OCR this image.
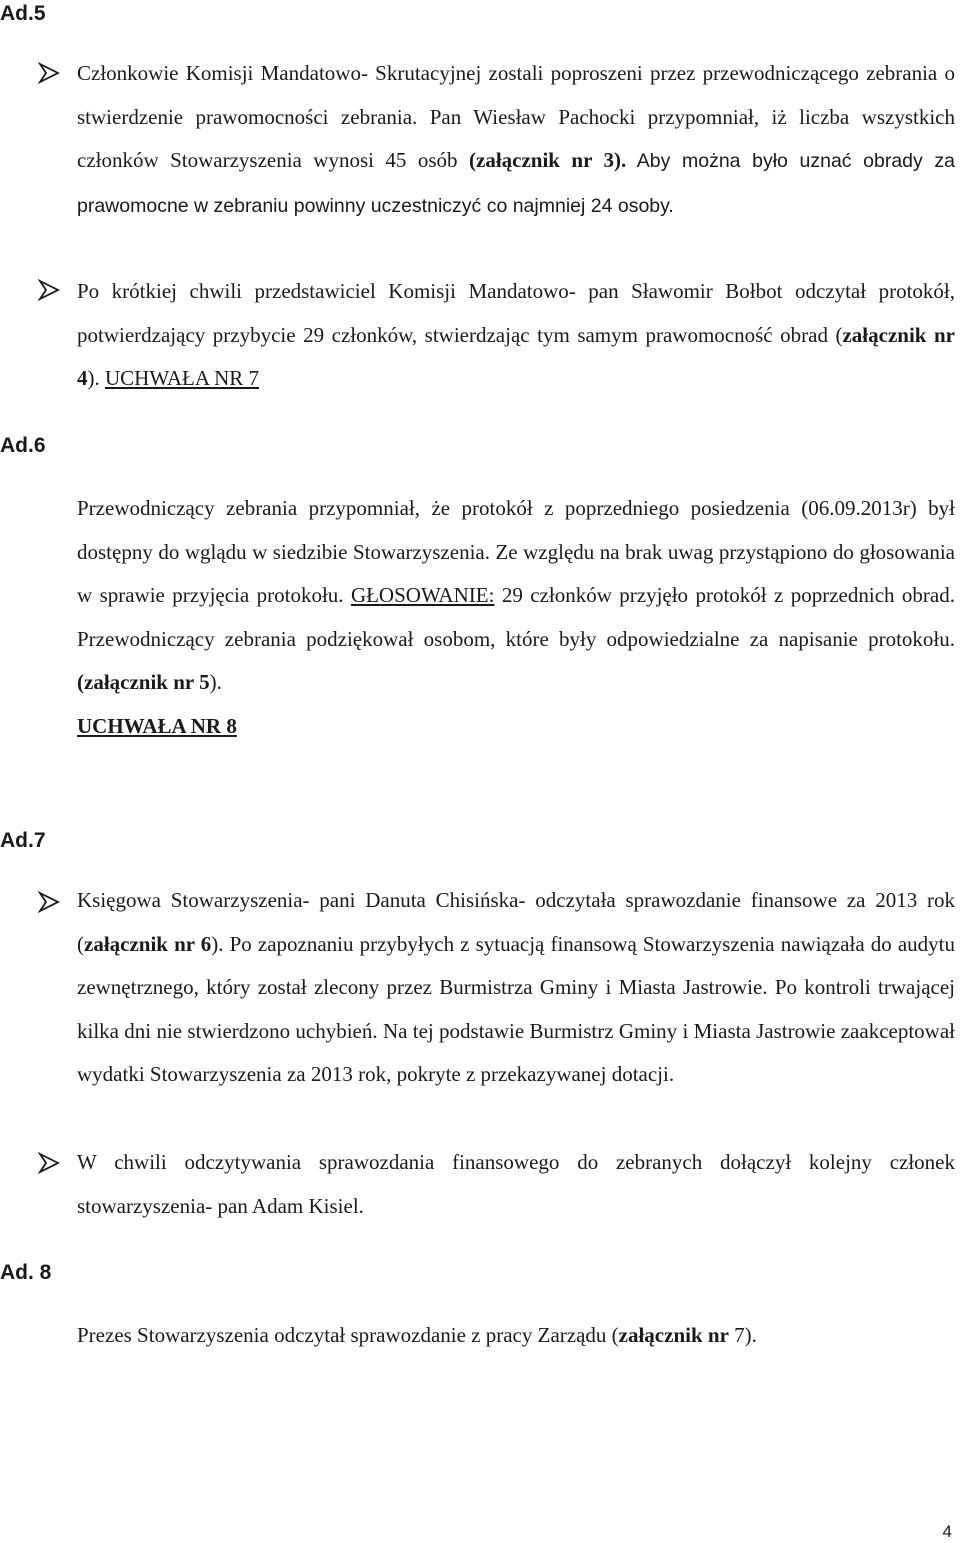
Ad.5

Członkowie Komisji Mandatowo- Skrutacyjnej zostali poproszeni przez przewodniczącego zebrania o stwierdzenie prawomocności zebrania. Pan Wiesław Pachocki przypomniał, iż liczba wszystkich członków Stowarzyszenia wynosi 45 osób (załącznik nr 3). Aby można było uznać obrady za prawomocne w zebraniu powinny uczestniczyć co najmniej 24 osoby.

Po krótkiej chwili przedstawiciel Komisji Mandatowo- pan Sławomir Bołbot odczytał protokół, potwierdzający przybycie 29 członków, stwierdzając tym samym prawomocność obrad (załącznik nr 4). UCHWAŁA NR 7

Ad.6

Przewodniczący zebrania przypomniał, że protokół z poprzedniego posiedzenia (06.09.2013r) był dostępny do wglądu w siedzibie Stowarzyszenia. Ze względu na brak uwag przystąpiono do głosowania w sprawie przyjęcia protokołu. GŁOSOWANIE: 29 członków przyjęło protokół z poprzednich obrad. Przewodniczący zebrania podziękował osobom, które były odpowiedzialne za napisanie protokołu. (załącznik nr 5).

UCHWAŁA NR 8

Ad.7

Księgowa Stowarzyszenia- pani Danuta Chisińska- odczytała sprawozdanie finansowe za 2013 rok (załącznik nr 6). Po zapoznaniu przybyłych z sytuacją finansową Stowarzyszenia nawiązała do audytu zewnętrznego, który został zlecony przez Burmistrza Gminy i Miasta Jastrowie. Po kontroli trwającej kilka dni nie stwierdzono uchybień. Na tej podstawie Burmistrz Gminy i Miasta Jastrowie zaakceptował wydatki Stowarzyszenia za 2013 rok, pokryte z przekazywanej dotacji.

W chwili odczytywania sprawozdania finansowego do zebranych dołączył kolejny członek stowarzyszenia- pan Adam Kisiel.

Ad. 8

Prezes Stowarzyszenia odczytał sprawozdanie z pracy Zarządu (załącznik nr 7).

4
